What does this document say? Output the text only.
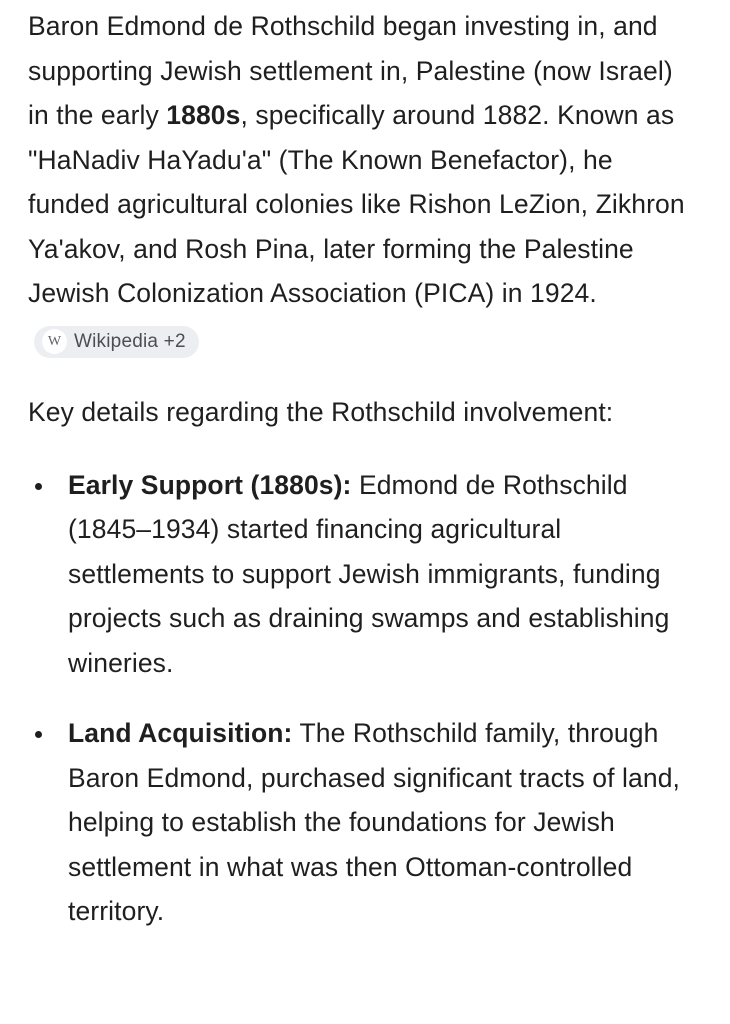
Baron Edmond de Rothschild began investing in, and supporting Jewish settlement in, Palestine (now Israel) in the early 1880s, specifically around 1882. Known as "HaNadiv HaYadu'a" (The Known Benefactor), he funded agricultural colonies like Rishon LeZion, Zikhron Ya'akov, and Rosh Pina, later forming the Palestine Jewish Colonization Association (PICA) in 1924.
W Wikipedia +2

Key details regarding the Rothschild involvement:

Early Support (1880s): Edmond de Rothschild (1845–1934) started financing agricultural settlements to support Jewish immigrants, funding projects such as draining swamps and establishing wineries.
Land Acquisition: The Rothschild family, through Baron Edmond, purchased significant tracts of land, helping to establish the foundations for Jewish settlement in what was then Ottoman-controlled territory.
